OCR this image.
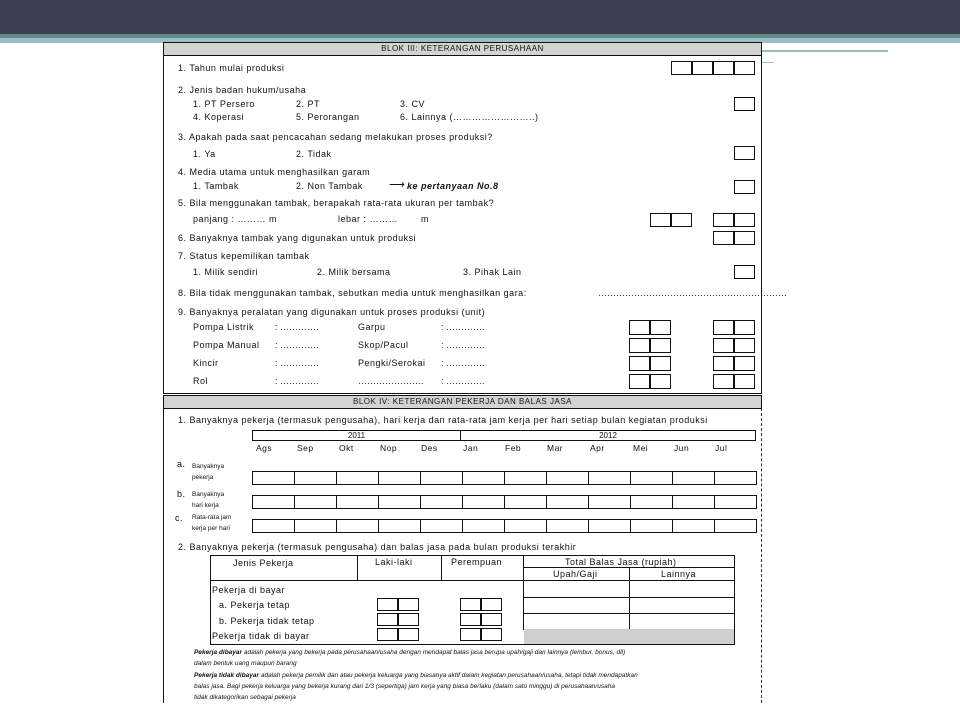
BLOK III: KETERANGAN PERUSAHAAN
1. Tahun mulai produksi
2. Jenis badan hukum/usaha
1. PT Persero	2. PT	3. CV
4. Koperasi	5. Perorangan	6. Lainnya (……………………..)
3. Apakah pada saat pencacahan sedang melakukan proses produksi?
1. Ya	2. Tidak
4. Media utama untuk menghasilkan garam
1. Tambak	2. Non Tambak ⟶ ke pertanyaan No.8
5. Bila menggunakan tambak, berapakah rata-rata ukuran per tambak?
panjang : ……… m	lebar : ………	m
6. Banyaknya tambak yang digunakan untuk produksi
7. Status kepemilikan tambak
1. Milik sendiri	2. Milik bersama	3. Pihak Lain
8. Bila tidak menggunakan tambak, sebutkan media untuk menghasilkan gara:	………………………………………………………
9. Banyaknya peralatan yang digunakan untuk proses produksi (unit)
Pompa Listrik : ………….	Garpu	: ………….
Pompa Manual : ………….	Skop/Pacul	: ………….
Kincir	: ………….	Pengki/Serokai : ………….
Rol	: ………….	…………………. : ………….
BLOK IV: KETERANGAN PEKERJA DAN BALAS JASA
1. Banyaknya pekerja (termasuk pengusaha), hari kerja dan rata-rata jam kerja per hari setiap bulan kegiatan produksi
2011	2012
Ags	Sep	Okt	Nop	Des	Jan	Feb	Mar	Apr	Mei	Jun	Jul
a. Banyaknya
pekerja
b. Banyaknya
hari kerja
c. Rata-rata jam
kerja per hari
2. Banyaknya pekerja (termasuk pengusaha) dan balas jasa pada bulan produksi terakhir
Jenis Pekerja	Laki-laki	Perempuan	Total Balas Jasa (rupiah)
Upah/Gaji	Lainnya
Pekerja di bayar
a. Pekerja tetap
b. Pekerja tidak tetap
Pekerja tidak di bayar
Pekerja dibayar adalah pekerja yang bekerja pada perusahaan/usaha dengan mendapat balas jasa berupa upah/gaji dan lainnya (lembur, bonus, dll)
dalam bentuk uang maupun barang
Pekerja tidak dibayar adalah pekerja pemilik dan atau pekerja keluarga yang biasanya aktif dalam kegiatan perusahaan/usaha, tetapi tidak mendapatkan
balas jasa. Bagi pekerja keluarga yang bekerja kurang dari 1/3 (sepertiga) jam kerja yang biasa berlaku (dalam satu minggu) di perusahaan/usaha
tidak dikategorikan sebagai pekerja
